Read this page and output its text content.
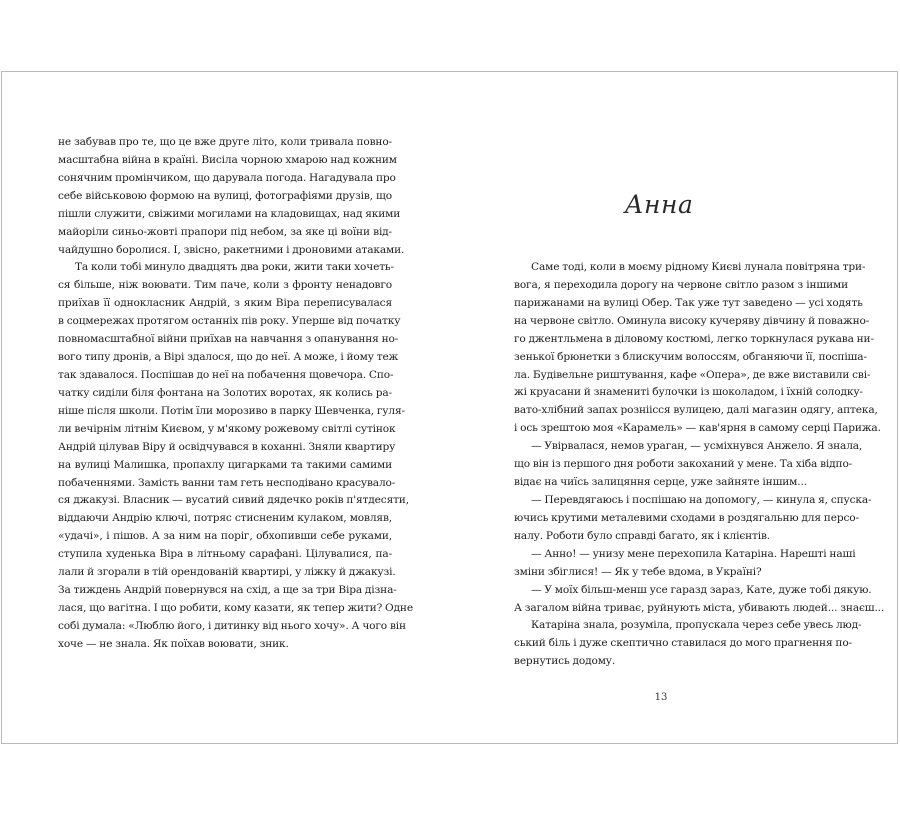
не забував про те, що це вже друге літо, коли тривала повно-
масштабна війна в країні. Висіла чорною хмарою над кожним
сонячним промінчиком, що дарувала погода. Нагадувала про
себе військовою формою на вулиці, фотографіями друзів, що
пішли служити, свіжими могилами на кладовищах, над якими
майоріли синьо-жовті прапори під небом, за яке ці воїни від-
чайдушно боролися. І, звісно, ракетними і дроновими атаками.
Та коли тобі минуло двадцять два роки, жити таки хочеть-
ся більше, ніж воювати. Тим паче, коли з фронту ненадовго
приїхав її однокласник Андрій, з яким Віра переписувалася
в соцмережах протягом останніх пів року. Уперше від початку
повномасштабної війни приїхав на навчання з опанування но-
вого типу дронів, а Вірі здалося, що до неї. А може, і йому теж
так здавалося. Поспішав до неї на побачення щовечора. Спо-
чатку сиділи біля фонтана на Золотих воротах, як колись ра-
ніше після школи. Потім їли морозиво в парку Шевченка, гуля-
ли вечірнім літнім Києвом, у м'якому рожевому світлі сутінок
Андрій цілував Віру й освідчувався в коханні. Зняли квартиру
на вулиці Малишка, пропахлу цигарками та такими самими
побаченнями. Замість ванни там геть несподівано красувало-
ся джакузі. Власник — вусатий сивий дядечко років п'ятдесяти,
віддаючи Андрію ключі, потряс стисненим кулаком, мовляв,
«удачі», і пішов. А за ним на поріг, обхопивши себе руками,
ступила худенька Віра в літньому сарафані. Цілувалися, па-
лали й згорали в тій орендованій квартирі, у ліжку й джакузі.
За тиждень Андрій повернувся на схід, а ще за три Віра дізна-
лася, що вагітна. І що робити, кому казати, як тепер жити? Одне
собі думала: «Люблю його, і дитинку від нього хочу». А чого він
хоче — не знала. Як поїхав воювати, зник.
Анна
Саме тоді, коли в моєму рідному Києві лунала повітряна три-
вога, я переходила дорогу на червоне світло разом з іншими
парижанами на вулиці Обер. Так уже тут заведено — усі ходять
на червоне світло. Оминула високу кучеряву дівчину й поважно-
го джентльмена в діловому костюмі, легко торкнулася рукава ни-
зенької брюнетки з блискучим волоссям, обганяючи її, поспіша-
ла. Будівельне риштування, кафе «Опера», де вже виставили сві-
жі круасани й знамениті булочки із шоколадом, і їхній солодку-
вато-хлібний запах розніісся вулицею, далі магазин одягу, аптека,
і ось зрештою моя «Карамель» — кав'ярня в самому серці Парижа.
— Увірвалася, немов ураган, — усміхнувся Анжело. Я знала,
що він із першого дня роботи закоханий у мене. Та хіба відпо-
відає на чиїсь залицяння серце, уже зайняте іншим...
— Перевдягаюсь і поспішаю на допомогу, — кинула я, спуска-
ючись крутими металевими сходами в роздягальню для персо-
налу. Роботи було справді багато, як і клієнтів.
— Анно! — унизу мене перехопила Катаріна. Нарешті наші
зміни збіглися! — Як у тебе вдома, в Україні?
— У моїх більш-менш усе гаразд зараз, Кате, дуже тобі дякую.
А загалом війна триває, руйнують міста, убивають людей... знаєш...
Катаріна знала, розуміла, пропускала через себе увесь люд-
ський біль і дуже скептично ставилася до мого прагнення по-
вернутись додому.
13
